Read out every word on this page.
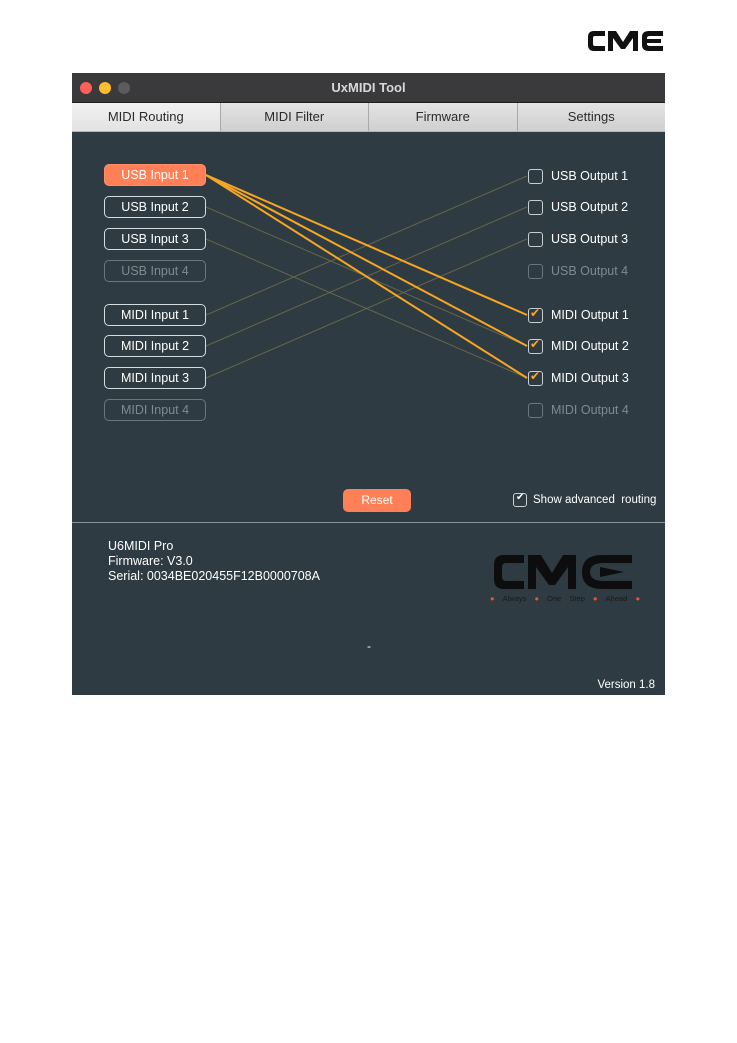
UxMIDI Tool
MIDI Routing	MIDI Filter	Firmware	Settings
USB Input 1
USB Input 2
USB Input 3
USB Input 4
MIDI Input 1
MIDI Input 2
MIDI Input 3
MIDI Input 4
USB Output 1
USB Output 2
USB Output 3
USB Output 4
✔ MIDI Output 1
✔ MIDI Output 2
✔ MIDI Output 3
MIDI Output 4
Reset	✔ Show advanced  routing
U6MIDI Pro
Firmware: V3.0
Serial: 0034BE020455F12B0000708A
● Always ● One Step ● Ahead ●
-
Version 1.8
